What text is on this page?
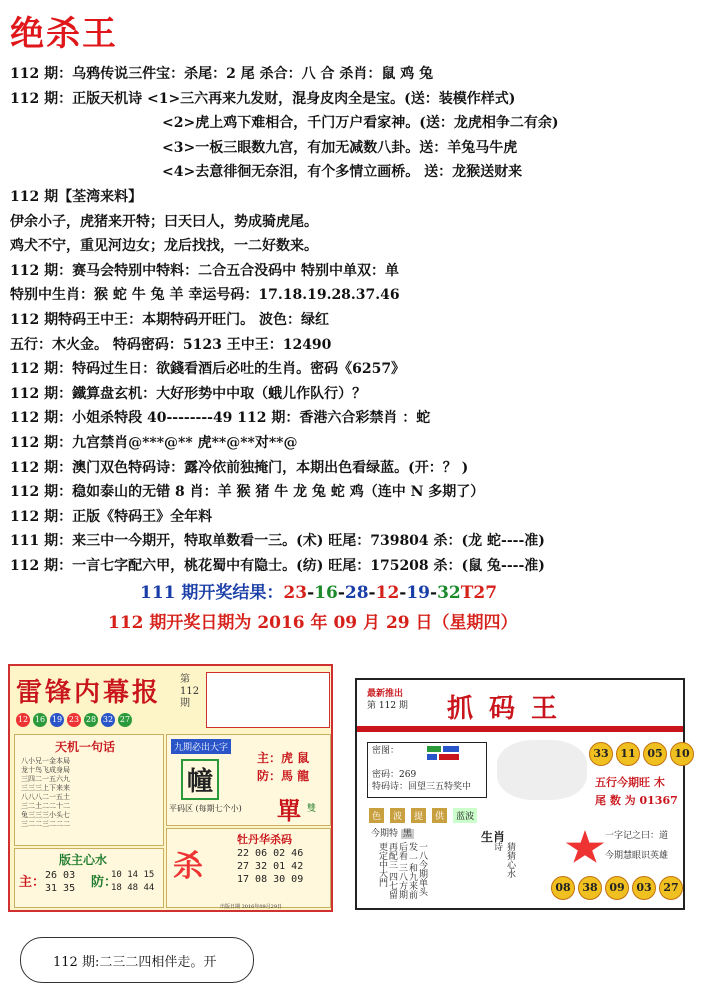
绝杀王
112 期：乌鸦传说三件宝：杀尾：2 尾 杀合：八 合 杀肖：鼠 鸡 兔
112 期：正版天机诗 <1>三六再来九发财，混身皮肉全是宝。(送：装模作样式)
<2>虎上鸡下难相合，千门万户看家神。(送：龙虎相争二有余)
<3>一板三眼数九宫，有加无减数八卦。送：羊兔马牛虎
<4>去意徘徊无奈泪，有个多情立画桥。 送：龙猴送财来
112 期【荃湾来料】
伊余小子，虎猪来开特；曰天曰人，势成骑虎尾。
鸡犬不宁，重见河边女；龙后找找，一二好数来。
112 期：赛马会特别中特料：二合五合没码中 特别中单双：单
特别中生肖：猴 蛇 牛 兔 羊 幸运号码：17.18.19.28.37.46
112 期特码王中王：本期特码开旺门。 波色：绿红
五行：木火金。 特码密码：5123 王中王：12490
112 期：特码过生日：欲錢看酒后必吐的生肖。密码《6257》
112 期：鐵算盘玄机：大好形势中中取（蛾儿作队行）？
112 期：小姐杀特段 40--------49 112 期：香港六合彩禁肖 ：蛇
112 期：九宫禁肖@***@** 虎**@**对**@
112 期：澳门双色特码诗：露冷依前独掩门，本期出色看绿蓝。(开：？ )
112 期：稳如泰山的无错 8 肖：羊 猴 猪 牛 龙 兔 蛇 鸡（连中 N 多期了）
112 期：正版《特码王》全年料
111 期：来三中一今期开，特取单数看一三。(术) 旺尾：739804 杀：(龙 蛇----准)
112 期：一言七字配六甲，桃花蜀中有隐士。(纺) 旺尾：175208 杀：(鼠 兔----准)
111 期开奖结果：23-16-28-12-19-32T27
112 期开奖日期为 2016 年 09 月 29 日（星期四）
雷锋内幕报	第 112 期
12 16 19 23 28 32 27
天机一句话
八小兄一金本局
龙十鸟飞成身局
三四二一五六九
三三三上下来来
八八八二一五土
三二土二二十二
兔三三三小头七
三二二三二二二
版主心水
主： 26 03
31 35 防：
10 14 15
18 48 44
九期必出大字
幢
主：虎 鼠
防：馬 龍
平码区 (每期七个小) 單 雙
杀
牡丹华杀码
22 06 02 46
27 32 01 42
17 08 30 09
出版日期 2016年09月29日
最新推出
第 112 期 抓码王
密图：
密码：269
特码诗：回望三五特奖中
33	11	05	10
五行今期旺 木
尾 数 为 01367
色	波	提	供	蓝波
今期特 黑	生肖
一八今期单头发 一和九来前后看 三八方期再配三 四七留更定中大門	猜猜心水诗
一字记之曰：道
今期慧眼识英雄
08	38	09	03	27
112 期:二三二四相伴走。开
